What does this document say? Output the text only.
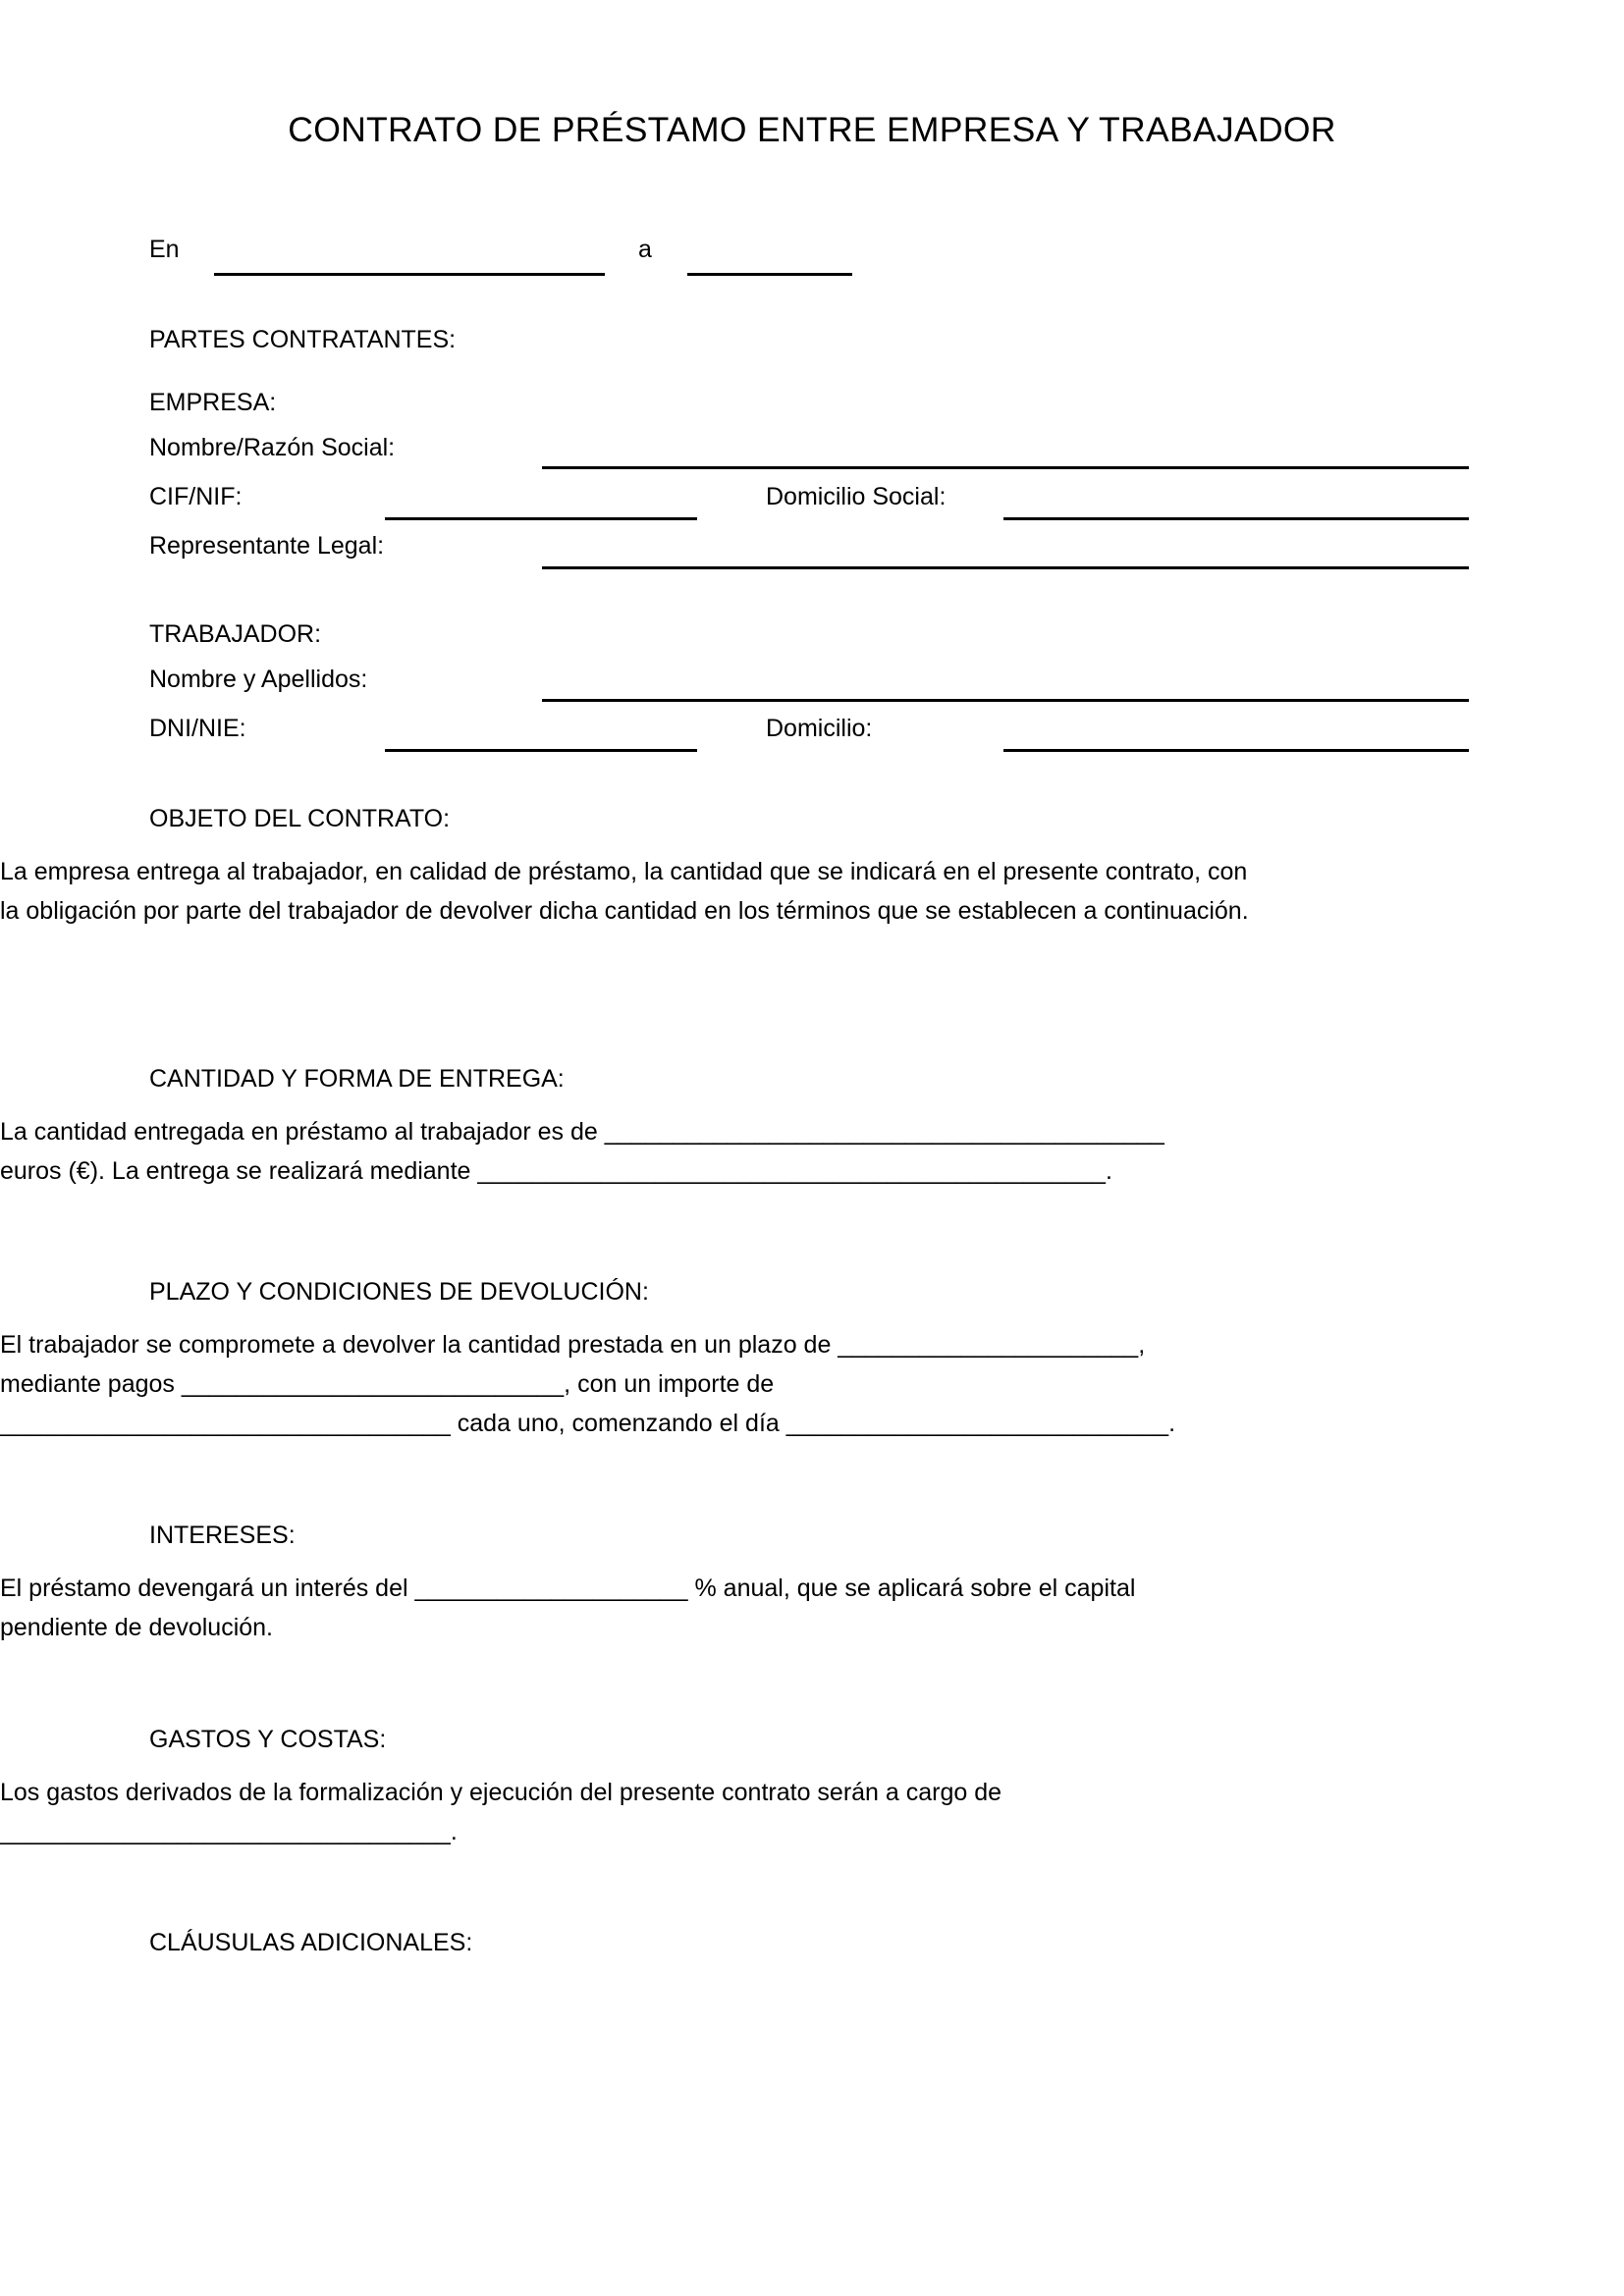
CONTRATO DE PRÉSTAMO ENTRE EMPRESA Y TRABAJADOR
En	a
PARTES CONTRATANTES:
EMPRESA:
Nombre/Razón Social:
CIF/NIF:	Domicilio Social:
Representante Legal:
TRABAJADOR:
Nombre y Apellidos:
DNI/NIE:	Domicilio:
OBJETO DEL CONTRATO:
La empresa entrega al trabajador, en calidad de préstamo, la cantidad que se indicará en el presente contrato, con la obligación por parte del trabajador de devolver dicha cantidad en los términos que se establecen a continuación.
CANTIDAD Y FORMA DE ENTREGA:
La cantidad entregada en préstamo al trabajador es de _________________________________________
euros (€). La entrega se realizará mediante ______________________________________________.
PLAZO Y CONDICIONES DE DEVOLUCIÓN:
El trabajador se compromete a devolver la cantidad prestada en un plazo de ______________________,
mediante pagos ____________________________, con un importe de
_________________________________ cada uno, comenzando el día ____________________________.
INTERESES:
El préstamo devengará un interés del ____________________ % anual, que se aplicará sobre el capital
pendiente de devolución.
GASTOS Y COSTAS:
Los gastos derivados de la formalización y ejecución del presente contrato serán a cargo de
_________________________________.
CLÁUSULAS ADICIONALES:
